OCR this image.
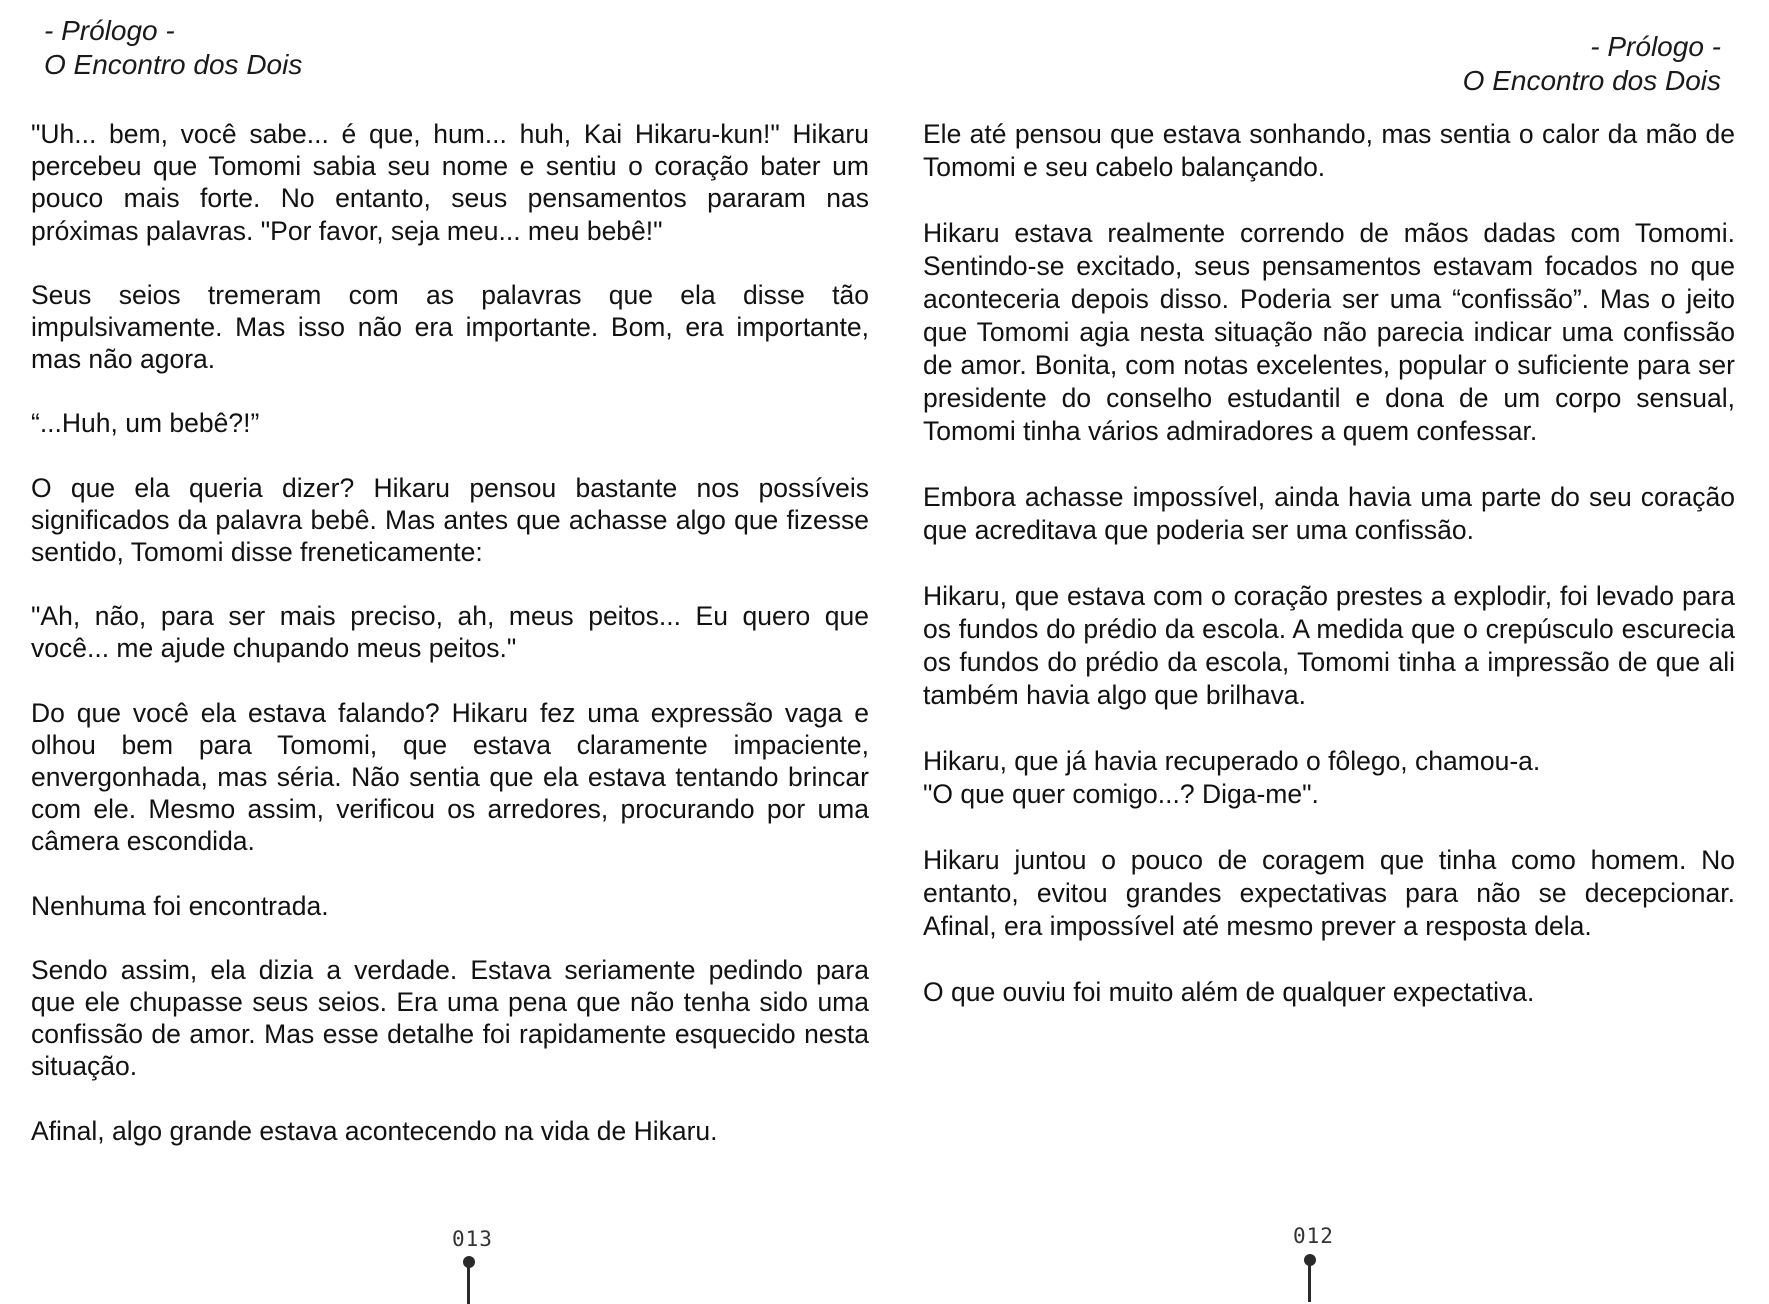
- Prólogo -
O Encontro dos Dois

"Uh... bem, você sabe... é que, hum... huh, Kai Hikaru-kun!" Hikaru percebeu que Tomomi sabia seu nome e sentiu o coração bater um pouco mais forte. No entanto, seus pensamentos pararam nas próximas palavras. "Por favor, seja meu... meu bebê!"

Seus seios tremeram com as palavras que ela disse tão impulsivamente. Mas isso não era importante. Bom, era importante, mas não agora.

“...Huh, um bebê?!”

O que ela queria dizer? Hikaru pensou bastante nos possíveis significados da palavra bebê. Mas antes que achasse algo que fizesse sentido, Tomomi disse freneticamente:

"Ah, não, para ser mais preciso, ah, meus peitos... Eu quero que você... me ajude chupando meus peitos."

Do que você ela estava falando? Hikaru fez uma expressão vaga e olhou bem para Tomomi, que estava claramente impaciente, envergonhada, mas séria. Não sentia que ela estava tentando brincar com ele. Mesmo assim, verificou os arredores, procurando por uma câmera escondida.

Nenhuma foi encontrada.

Sendo assim, ela dizia a verdade. Estava seriamente pedindo para que ele chupasse seus seios. Era uma pena que não tenha sido uma confissão de amor. Mas esse detalhe foi rapidamente esquecido nesta situação.

Afinal, algo grande estava acontecendo na vida de Hikaru.

013
- Prólogo -
O Encontro dos Dois

Ele até pensou que estava sonhando, mas sentia o calor da mão de Tomomi e seu cabelo balançando.

Hikaru estava realmente correndo de mãos dadas com Tomomi. Sentindo-se excitado, seus pensamentos estavam focados no que aconteceria depois disso. Poderia ser uma “confissão”. Mas o jeito que Tomomi agia nesta situação não parecia indicar uma confissão de amor. Bonita, com notas excelentes, popular o suficiente para ser presidente do conselho estudantil e dona de um corpo sensual, Tomomi tinha vários admiradores a quem confessar.

Embora achasse impossível, ainda havia uma parte do seu coração que acreditava que poderia ser uma confissão.

Hikaru, que estava com o coração prestes a explodir, foi levado para os fundos do prédio da escola. A medida que o crepúsculo escurecia os fundos do prédio da escola, Tomomi tinha a impressão de que ali também havia algo que brilhava.

Hikaru, que já havia recuperado o fôlego, chamou-a.

"O que quer comigo...? Diga-me".

Hikaru juntou o pouco de coragem que tinha como homem. No entanto, evitou grandes expectativas para não se decepcionar. Afinal, era impossível até mesmo prever a resposta dela.

O que ouviu foi muito além de qualquer expectativa.

012
